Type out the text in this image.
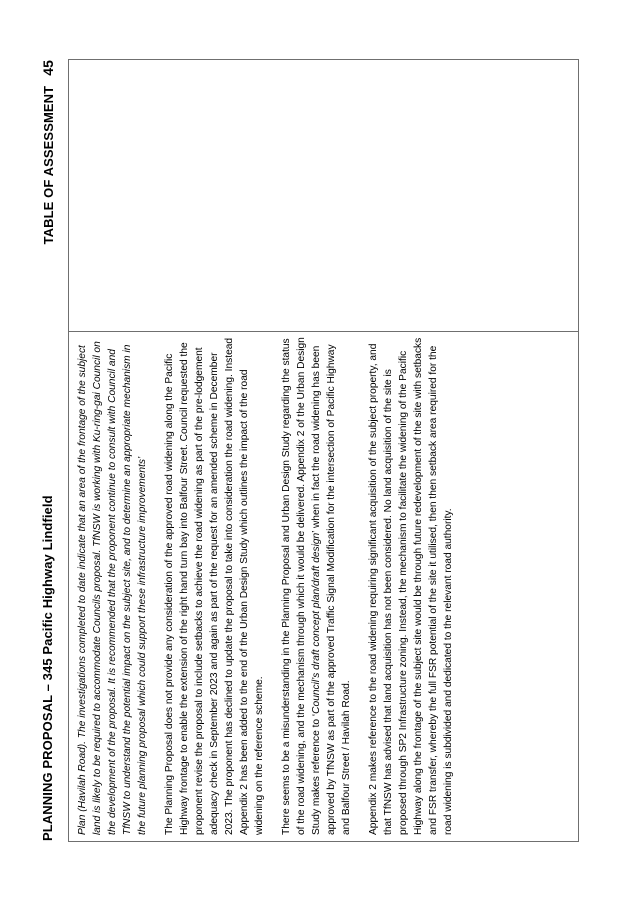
PLANNING PROPOSAL – 345 Pacific Highway Lindfield
TABLE OF ASSESSMENT45

Plan (Havilah Road). The investigations completed to date indicate that an area of the frontage of the subject land is likely to be required to accommodate Councils proposal. TfNSW is working with Ku-ring-gai Council on the development of the proposal. It is recommended that the proponent continue to consult with Council and TfNSW to understand the potential impact on the subject site, and to determine an appropriate mechanism in the future planning proposal which could support these infrastructure improvements’ The Planning Proposal does not provide any consideration of the approved road widening along the Pacific Highway frontage to enable the extension of the right hand turn bay into Balfour Street. Council requested the proponent revise the proposal to include setbacks to achieve the road widening as part of the pre-lodgement adequacy check in September 2023 and again as part of the request for an amended scheme in December 2023. The proponent has declined to update the proposal to take into consideration the road widening. Instead Appendix 2 has been added to the end of the Urban Design Study which outlines the impact of the road widening on the reference scheme. There seems to be a misunderstanding in the Planning Proposal and Urban Design Study regarding the status of the road widening, and the mechanism through which it would be delivered. Appendix 2 of the Urban Design Study makes reference to ‘Council’s draft concept plan/draft design’ when in fact the road widening has been approved by TfNSW as part of the approved Traffic Signal Modification for the intersection of Pacific Highway and Balfour Street / Havilah Road. Appendix 2 makes reference to the road widening requiring significant acquisition of the subject property, and that TfNSW has advised that land acquisition has not been considered. No land acquisition of the site is proposed through SP2 Infrastructure zoning. Instead, the mechanism to facilitate the widening of the Pacific Highway along the frontage of the subject site would be through future redevelopment of the site with setbacks and FSR transfer, whereby the full FSR potential of the site it utilised, then then setback area required for the road widening is subdivided and dedicated to the relevant road authority.
